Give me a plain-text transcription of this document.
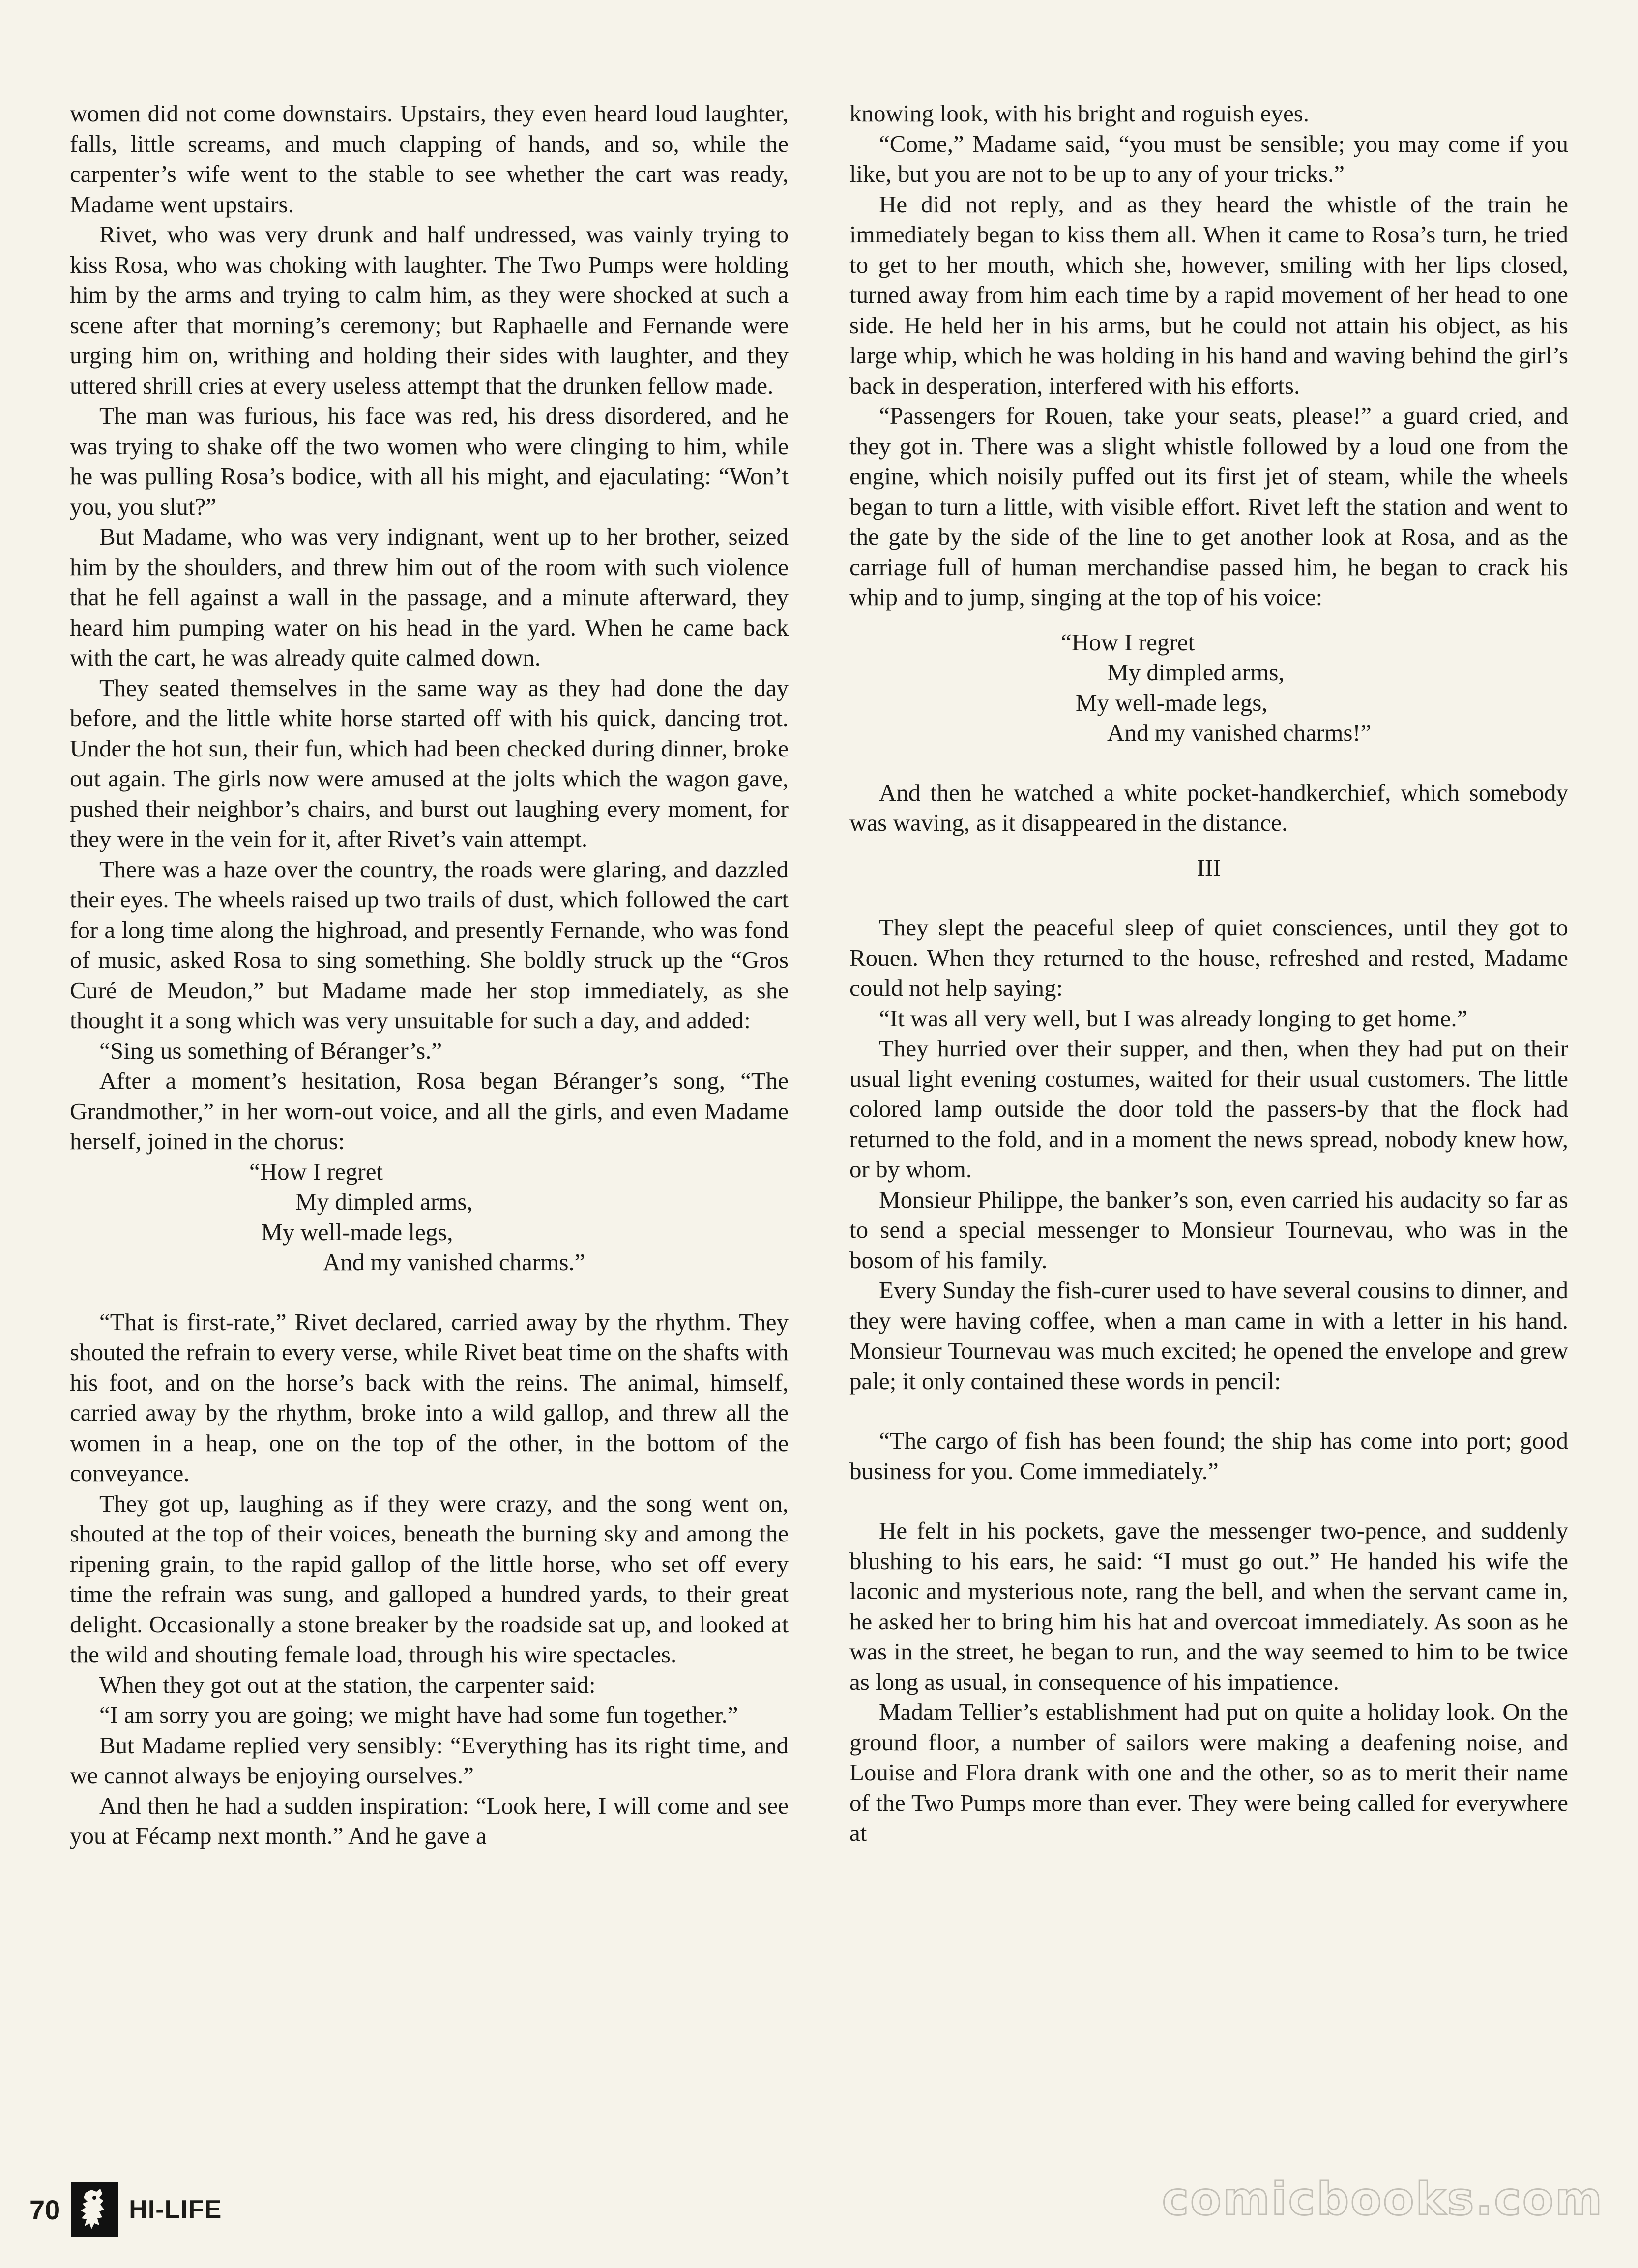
women did not come downstairs. Upstairs, they even heard loud laughter, falls, little screams, and much clapping of hands, and so, while the carpenter’s wife went to the stable to see whether the cart was ready, Madame went upstairs.

Rivet, who was very drunk and half undressed, was vainly trying to kiss Rosa, who was choking with laughter. The Two Pumps were holding him by the arms and trying to calm him, as they were shocked at such a scene after that morning’s ceremony; but Raphaelle and Fernande were urging him on, writhing and holding their sides with laughter, and they uttered shrill cries at every useless attempt that the drunken fellow made.

The man was furious, his face was red, his dress disordered, and he was trying to shake off the two women who were clinging to him, while he was pulling Rosa’s bodice, with all his might, and ejaculating: “Won’t you, you slut?”

But Madame, who was very indignant, went up to her brother, seized him by the shoulders, and threw him out of the room with such violence that he fell against a wall in the passage, and a minute afterward, they heard him pumping water on his head in the yard. When he came back with the cart, he was already quite calmed down.

They seated themselves in the same way as they had done the day before, and the little white horse started off with his quick, dancing trot. Under the hot sun, their fun, which had been checked during dinner, broke out again. The girls now were amused at the jolts which the wagon gave, pushed their neighbor’s chairs, and burst out laughing every moment, for they were in the vein for it, after Rivet’s vain attempt.

There was a haze over the country, the roads were glaring, and dazzled their eyes. The wheels raised up two trails of dust, which followed the cart for a long time along the highroad, and presently Fernande, who was fond of music, asked Rosa to sing something. She boldly struck up the “Gros Curé de Meudon,” but Madame made her stop immediately, as she thought it a song which was very unsuitable for such a day, and added:

“Sing us something of Béranger’s.”

After a moment’s hesitation, Rosa began Béranger’s song, “The Grandmother,” in her worn-out voice, and all the girls, and even Madame herself, joined in the chorus:

“How I regret
My dimpled arms,
My well-made legs,
And my vanished charms.”

“That is first-rate,” Rivet declared, carried away by the rhythm. They shouted the refrain to every verse, while Rivet beat time on the shafts with his foot, and on the horse’s back with the reins. The animal, himself, carried away by the rhythm, broke into a wild gallop, and threw all the women in a heap, one on the top of the other, in the bottom of the conveyance.

They got up, laughing as if they were crazy, and the song went on, shouted at the top of their voices, beneath the burning sky and among the ripening grain, to the rapid gallop of the little horse, who set off every time the refrain was sung, and galloped a hundred yards, to their great delight. Occasionally a stone breaker by the roadside sat up, and looked at the wild and shouting female load, through his wire spectacles.

When they got out at the station, the carpenter said:

“I am sorry you are going; we might have had some fun together.”

But Madame replied very sensibly: “Everything has its right time, and we cannot always be enjoying ourselves.”

And then he had a sudden inspiration: “Look here, I will come and see you at Fécamp next month.” And he gave a

knowing look, with his bright and roguish eyes.

“Come,” Madame said, “you must be sensible; you may come if you like, but you are not to be up to any of your tricks.”

He did not reply, and as they heard the whistle of the train he immediately began to kiss them all. When it came to Rosa’s turn, he tried to get to her mouth, which she, however, smiling with her lips closed, turned away from him each time by a rapid movement of her head to one side. He held her in his arms, but he could not attain his object, as his large whip, which he was holding in his hand and waving behind the girl’s back in desperation, interfered with his efforts.

“Passengers for Rouen, take your seats, please!” a guard cried, and they got in. There was a slight whistle followed by a loud one from the engine, which noisily puffed out its first jet of steam, while the wheels began to turn a little, with visible effort. Rivet left the station and went to the gate by the side of the line to get another look at Rosa, and as the carriage full of human merchandise passed him, he began to crack his whip and to jump, singing at the top of his voice:

“How I regret
My dimpled arms,
My well-made legs,
And my vanished charms!”

And then he watched a white pocket-handkerchief, which somebody was waving, as it disappeared in the distance.

III

They slept the peaceful sleep of quiet consciences, until they got to Rouen. When they returned to the house, refreshed and rested, Madame could not help saying:

“It was all very well, but I was already longing to get home.”

They hurried over their supper, and then, when they had put on their usual light evening costumes, waited for their usual customers. The little colored lamp outside the door told the passers-by that the flock had returned to the fold, and in a moment the news spread, nobody knew how, or by whom.

Monsieur Philippe, the banker’s son, even carried his audacity so far as to send a special messenger to Monsieur Tournevau, who was in the bosom of his family.

Every Sunday the fish-curer used to have several cousins to dinner, and they were having coffee, when a man came in with a letter in his hand. Monsieur Tournevau was much excited; he opened the envelope and grew pale; it only contained these words in pencil:

“The cargo of fish has been found; the ship has come into port; good business for you. Come immediately.”

He felt in his pockets, gave the messenger two-pence, and suddenly blushing to his ears, he said: “I must go out.” He handed his wife the laconic and mysterious note, rang the bell, and when the servant came in, he asked her to bring him his hat and overcoat immediately. As soon as he was in the street, he began to run, and the way seemed to him to be twice as long as usual, in consequence of his impatience.

Madam Tellier’s establishment had put on quite a holiday look. On the ground floor, a number of sailors were making a deafening noise, and Louise and Flora drank with one and the other, so as to merit their name of the Two Pumps more than ever. They were being called for everywhere at

70	HI-LIFE	comicbooks.com
